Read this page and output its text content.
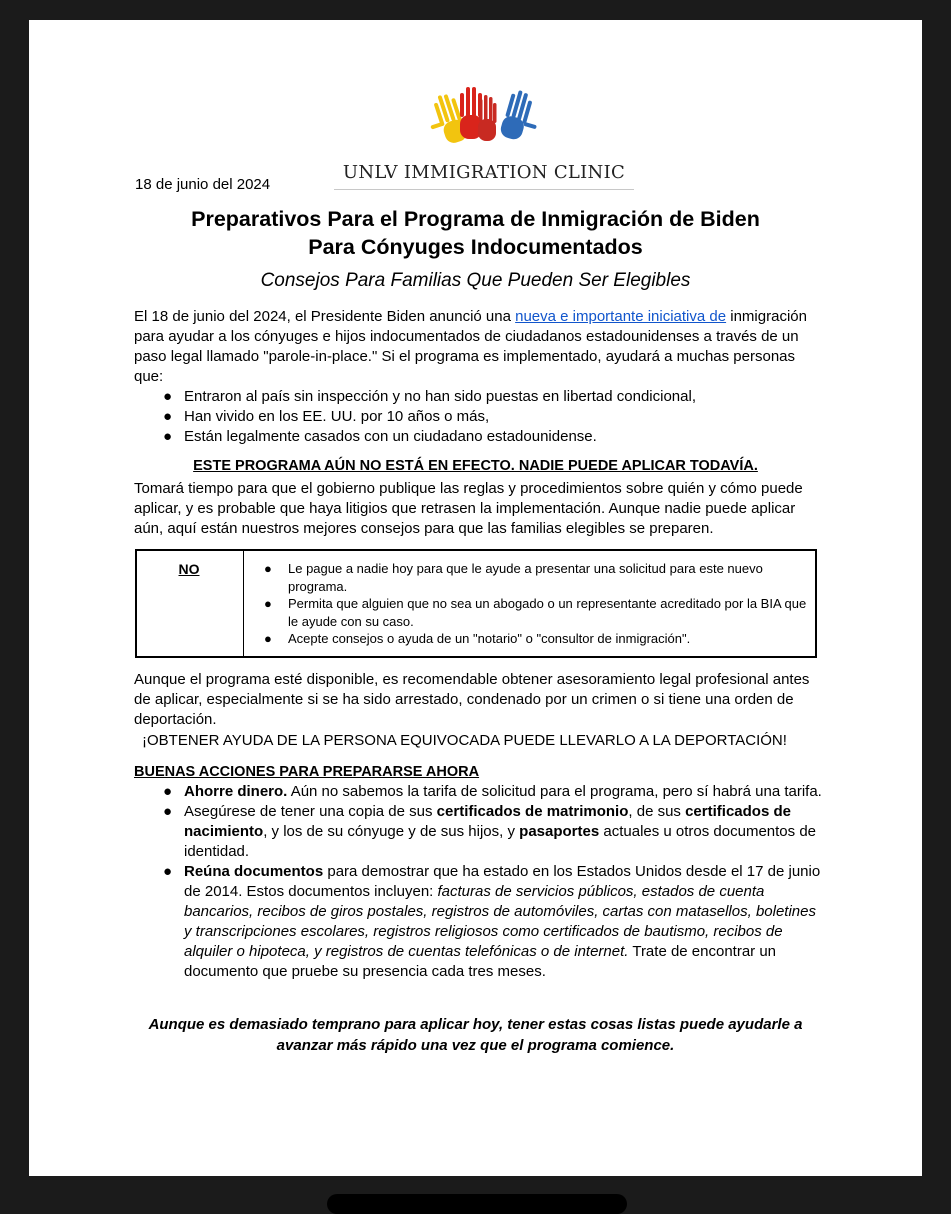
UNLV IMMIGRATION CLINIC
18 de junio del 2024
Preparativos Para el Programa de Inmigración de Biden
Para Cónyuges Indocumentados
Consejos Para Familias Que Pueden Ser Elegibles
El 18 de junio del 2024, el Presidente Biden anunció una nueva e importante iniciativa de inmigración para ayudar a los cónyuges e hijos indocumentados de ciudadanos estadounidenses a través de un paso legal llamado "parole-in-place." Si el programa es implementado, ayudará a muchas personas que:
● Entraron al país sin inspección y no han sido puestas en libertad condicional,
● Han vivido en los EE. UU. por 10 años o más,
● Están legalmente casados con un ciudadano estadounidense.
ESTE PROGRAMA AÚN NO ESTÁ EN EFECTO. NADIE PUEDE APLICAR TODAVÍA.
Tomará tiempo para que el gobierno publique las reglas y procedimientos sobre quién y cómo puede aplicar, y es probable que haya litigios que retrasen la implementación. Aunque nadie puede aplicar aún, aquí están nuestros mejores consejos para que las familias elegibles se preparen.
NO	● Le pague a nadie hoy para que le ayude a presentar una solicitud para este nuevo programa.
● Permita que alguien que no sea un abogado o un representante acreditado por la BIA que le ayude con su caso.
● Acepte consejos o ayuda de un "notario" o "consultor de inmigración".
Aunque el programa esté disponible, es recomendable obtener asesoramiento legal profesional antes de aplicar, especialmente si se ha sido arrestado, condenado por un crimen o si tiene una orden de deportación.
¡OBTENER AYUDA DE LA PERSONA EQUIVOCADA PUEDE LLEVARLO A LA DEPORTACIÓN!
BUENAS ACCIONES PARA PREPARARSE AHORA
● Ahorre dinero. Aún no sabemos la tarifa de solicitud para el programa, pero sí habrá una tarifa.
● Asegúrese de tener una copia de sus certificados de matrimonio, de sus certificados de nacimiento, y los de su cónyuge y de sus hijos, y pasaportes actuales u otros documentos de identidad.
● Reúna documentos para demostrar que ha estado en los Estados Unidos desde el 17 de junio de 2014. Estos documentos incluyen: facturas de servicios públicos, estados de cuenta bancarios, recibos de giros postales, registros de automóviles, cartas con matasellos, boletines y transcripciones escolares, registros religiosos como certificados de bautismo, recibos de alquiler o hipoteca, y registros de cuentas telefónicas o de internet. Trate de encontrar un documento que pruebe su presencia cada tres meses.
Aunque es demasiado temprano para aplicar hoy, tener estas cosas listas puede ayudarle a avanzar más rápido una vez que el programa comience.
